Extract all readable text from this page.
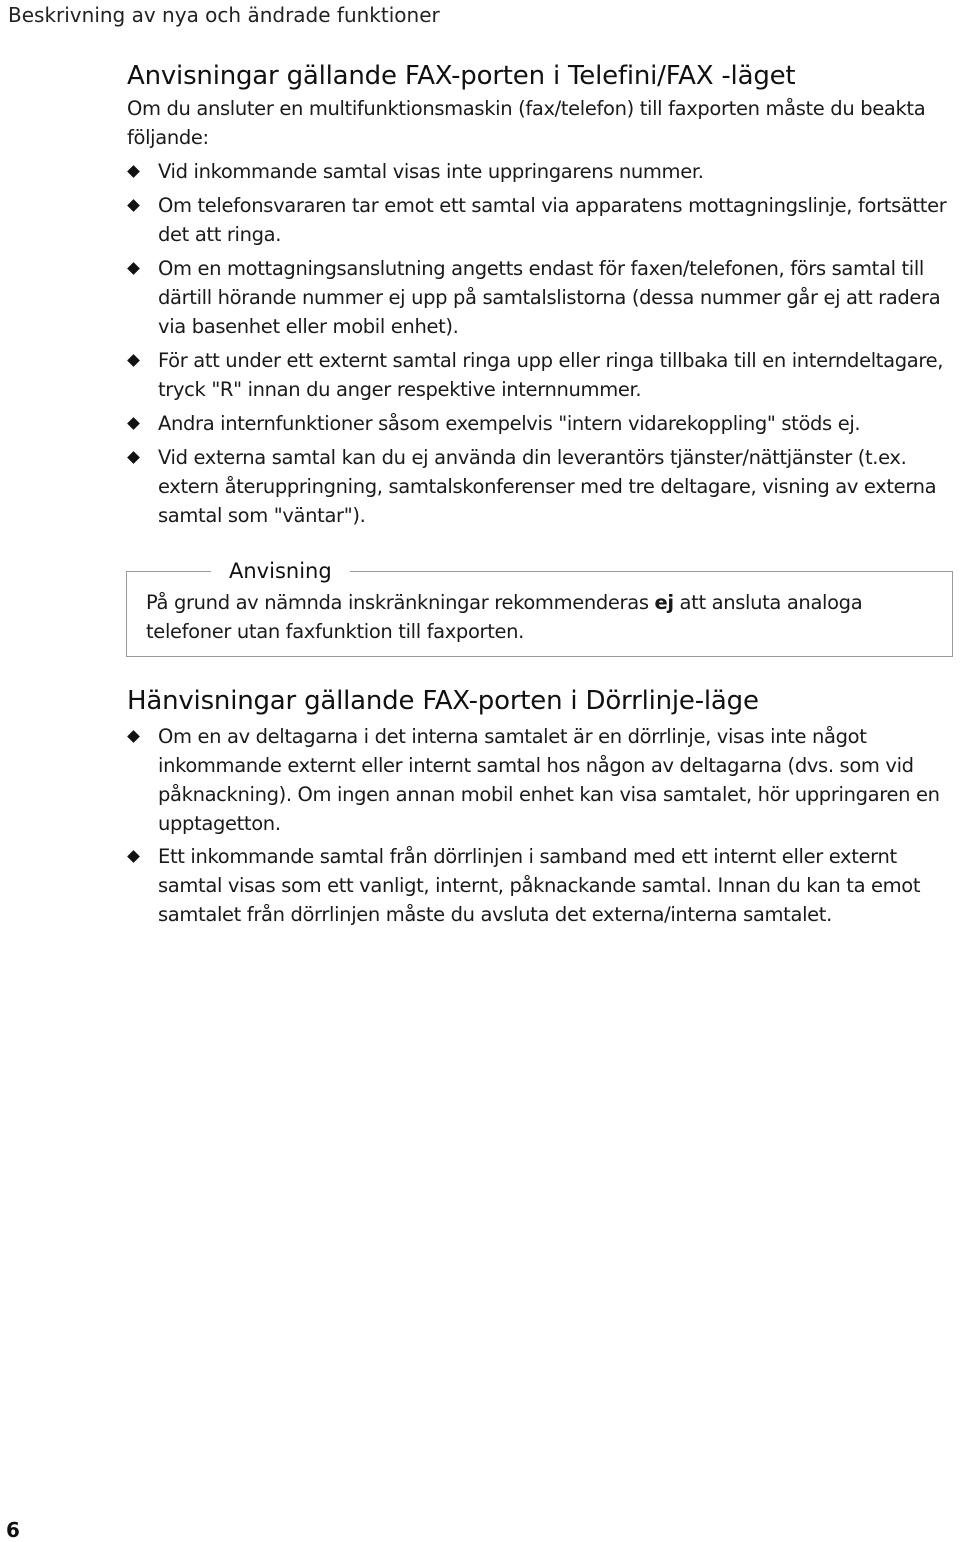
Beskrivning av nya och ändrade funktioner
Anvisningar gällande FAX-porten i Telefini/FAX -läget

Om du ansluter en multifunktionsmaskin (fax/telefon) till faxporten måste du beakta följande:

Vid inkommande samtal visas inte uppringarens nummer.
Om telefonsvararen tar emot ett samtal via apparatens mottagningslinje, fortsätter det att ringa.
Om en mottagningsanslutning angetts endast för faxen/telefonen, förs samtal till därtill hörande nummer ej upp på samtalslistorna (dessa nummer går ej att radera via basenhet eller mobil enhet).
För att under ett externt samtal ringa upp eller ringa tillbaka till en interndeltagare, tryck "R" innan du anger respektive internnummer.
Andra internfunktioner såsom exempelvis "intern vidarekoppling" stöds ej.
Vid externa samtal kan du ej använda din leverantörs tjänster/nättjänster (t.ex. extern återuppringning, samtalskonferenser med tre deltagare, visning av externa samtal som "väntar").
Anvisning
På grund av nämnda inskränkningar rekommenderas ej att ansluta analoga telefoner utan faxfunktion till faxporten.
Hänvisningar gällande FAX-porten i Dörrlinje-läge
Om en av deltagarna i det interna samtalet är en dörrlinje, visas inte något inkommande externt eller internt samtal hos någon av deltagarna (dvs. som vid påknackning). Om ingen annan mobil enhet kan visa samtalet, hör uppringaren en upptagetton.
Ett inkommande samtal från dörrlinjen i samband med ett internt eller externt samtal visas som ett vanligt, internt, påknackande samtal. Innan du kan ta emot samtalet från dörrlinjen måste du avsluta det externa/interna samtalet.
6
